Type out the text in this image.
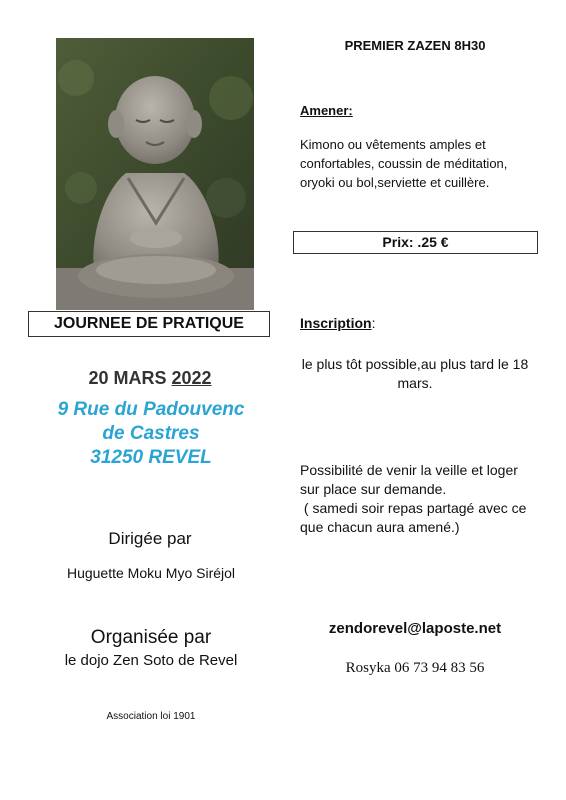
JOURNEE DE PRATIQUE
20 MARS 2022
9 Rue du Padouvenc
de Castres
31250 REVEL
Dirigée par
Huguette Moku Myo Siréjol
Organisée par
le dojo Zen Soto de Revel
Association loi 1901
PREMIER ZAZEN 8H30
Amener:
Kimono ou vêtements amples et confortables, coussin de méditation, oryoki ou bol,serviette et cuillère.
Prix: .25 €
Inscription:
le plus tôt possible,au plus tard le 18 mars.
Possibilité de venir la veille et loger sur place sur demande.
( samedi soir repas partagé avec ce que chacun aura amené.)
zendorevel@laposte.net
Rosyka 06 73 94 83 56
